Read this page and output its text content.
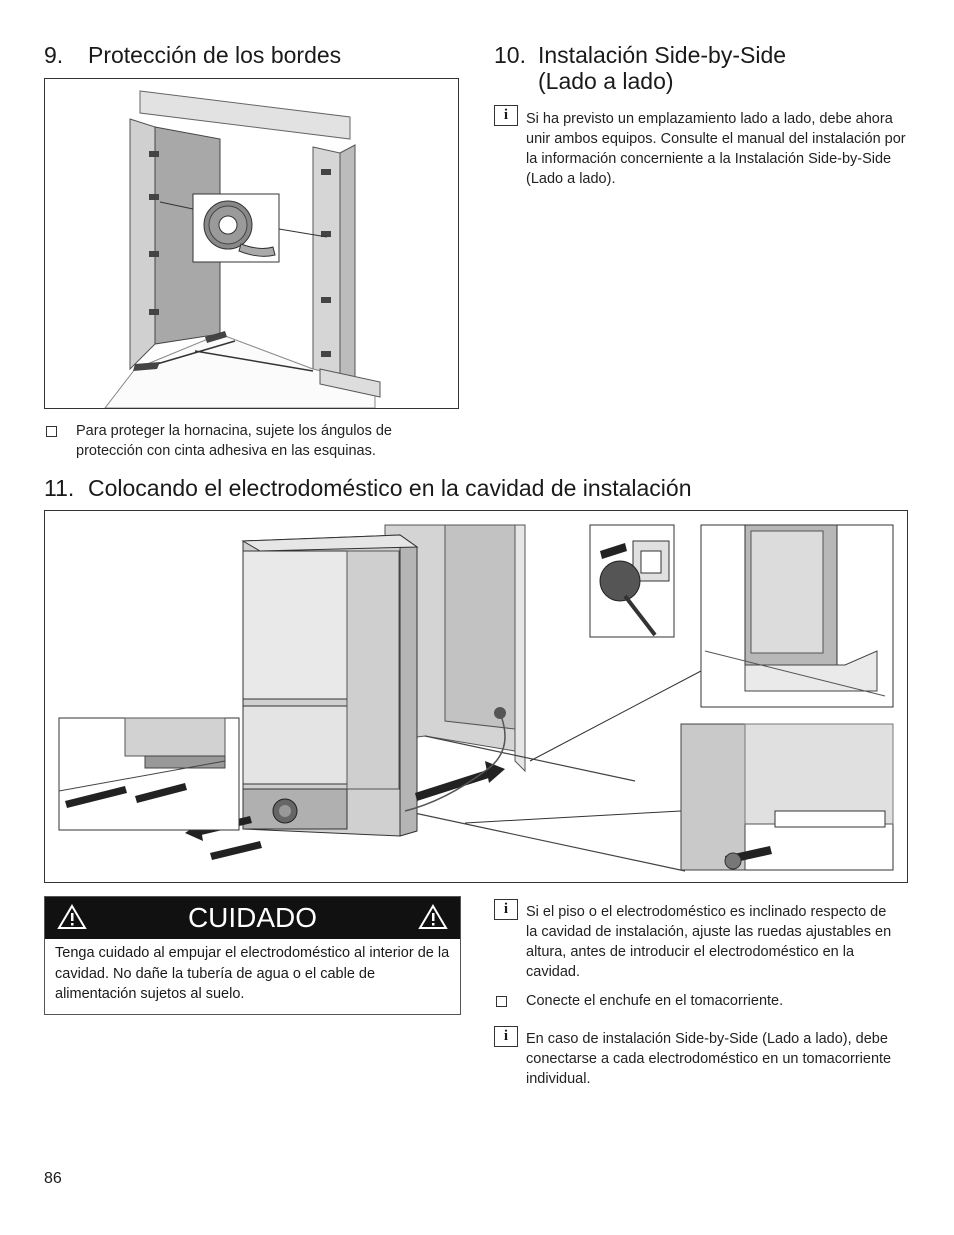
9. Protección de los bordes
Para proteger la hornacina, sujete los ángulos de protección con cinta adhesiva en las esquinas.
10. Instalación Side-by-Side
(Lado a lado)
i	Si ha previsto un emplazamiento lado a lado, debe ahora unir ambos equipos. Consulte el manual del instalación por la información concerniente a la Instalación Side-by-Side (Lado a lado).
11. Colocando el electrodoméstico en la cavidad de instalación
CUIDADO
Tenga cuidado al empujar el electrodoméstico al interior de la cavidad. No dañe la tubería de agua o el cable de alimentación sujetos al suelo.
i	Si el piso o el electrodoméstico es inclinado respecto de la cavidad de instalación, ajuste las ruedas ajustables en altura, antes de introducir el electrodoméstico en la cavidad.
Conecte el enchufe en el tomacorriente.
i	En caso de instalación Side-by-Side (Lado a lado), debe conectarse a cada electrodoméstico en un tomacorriente individual.
86
